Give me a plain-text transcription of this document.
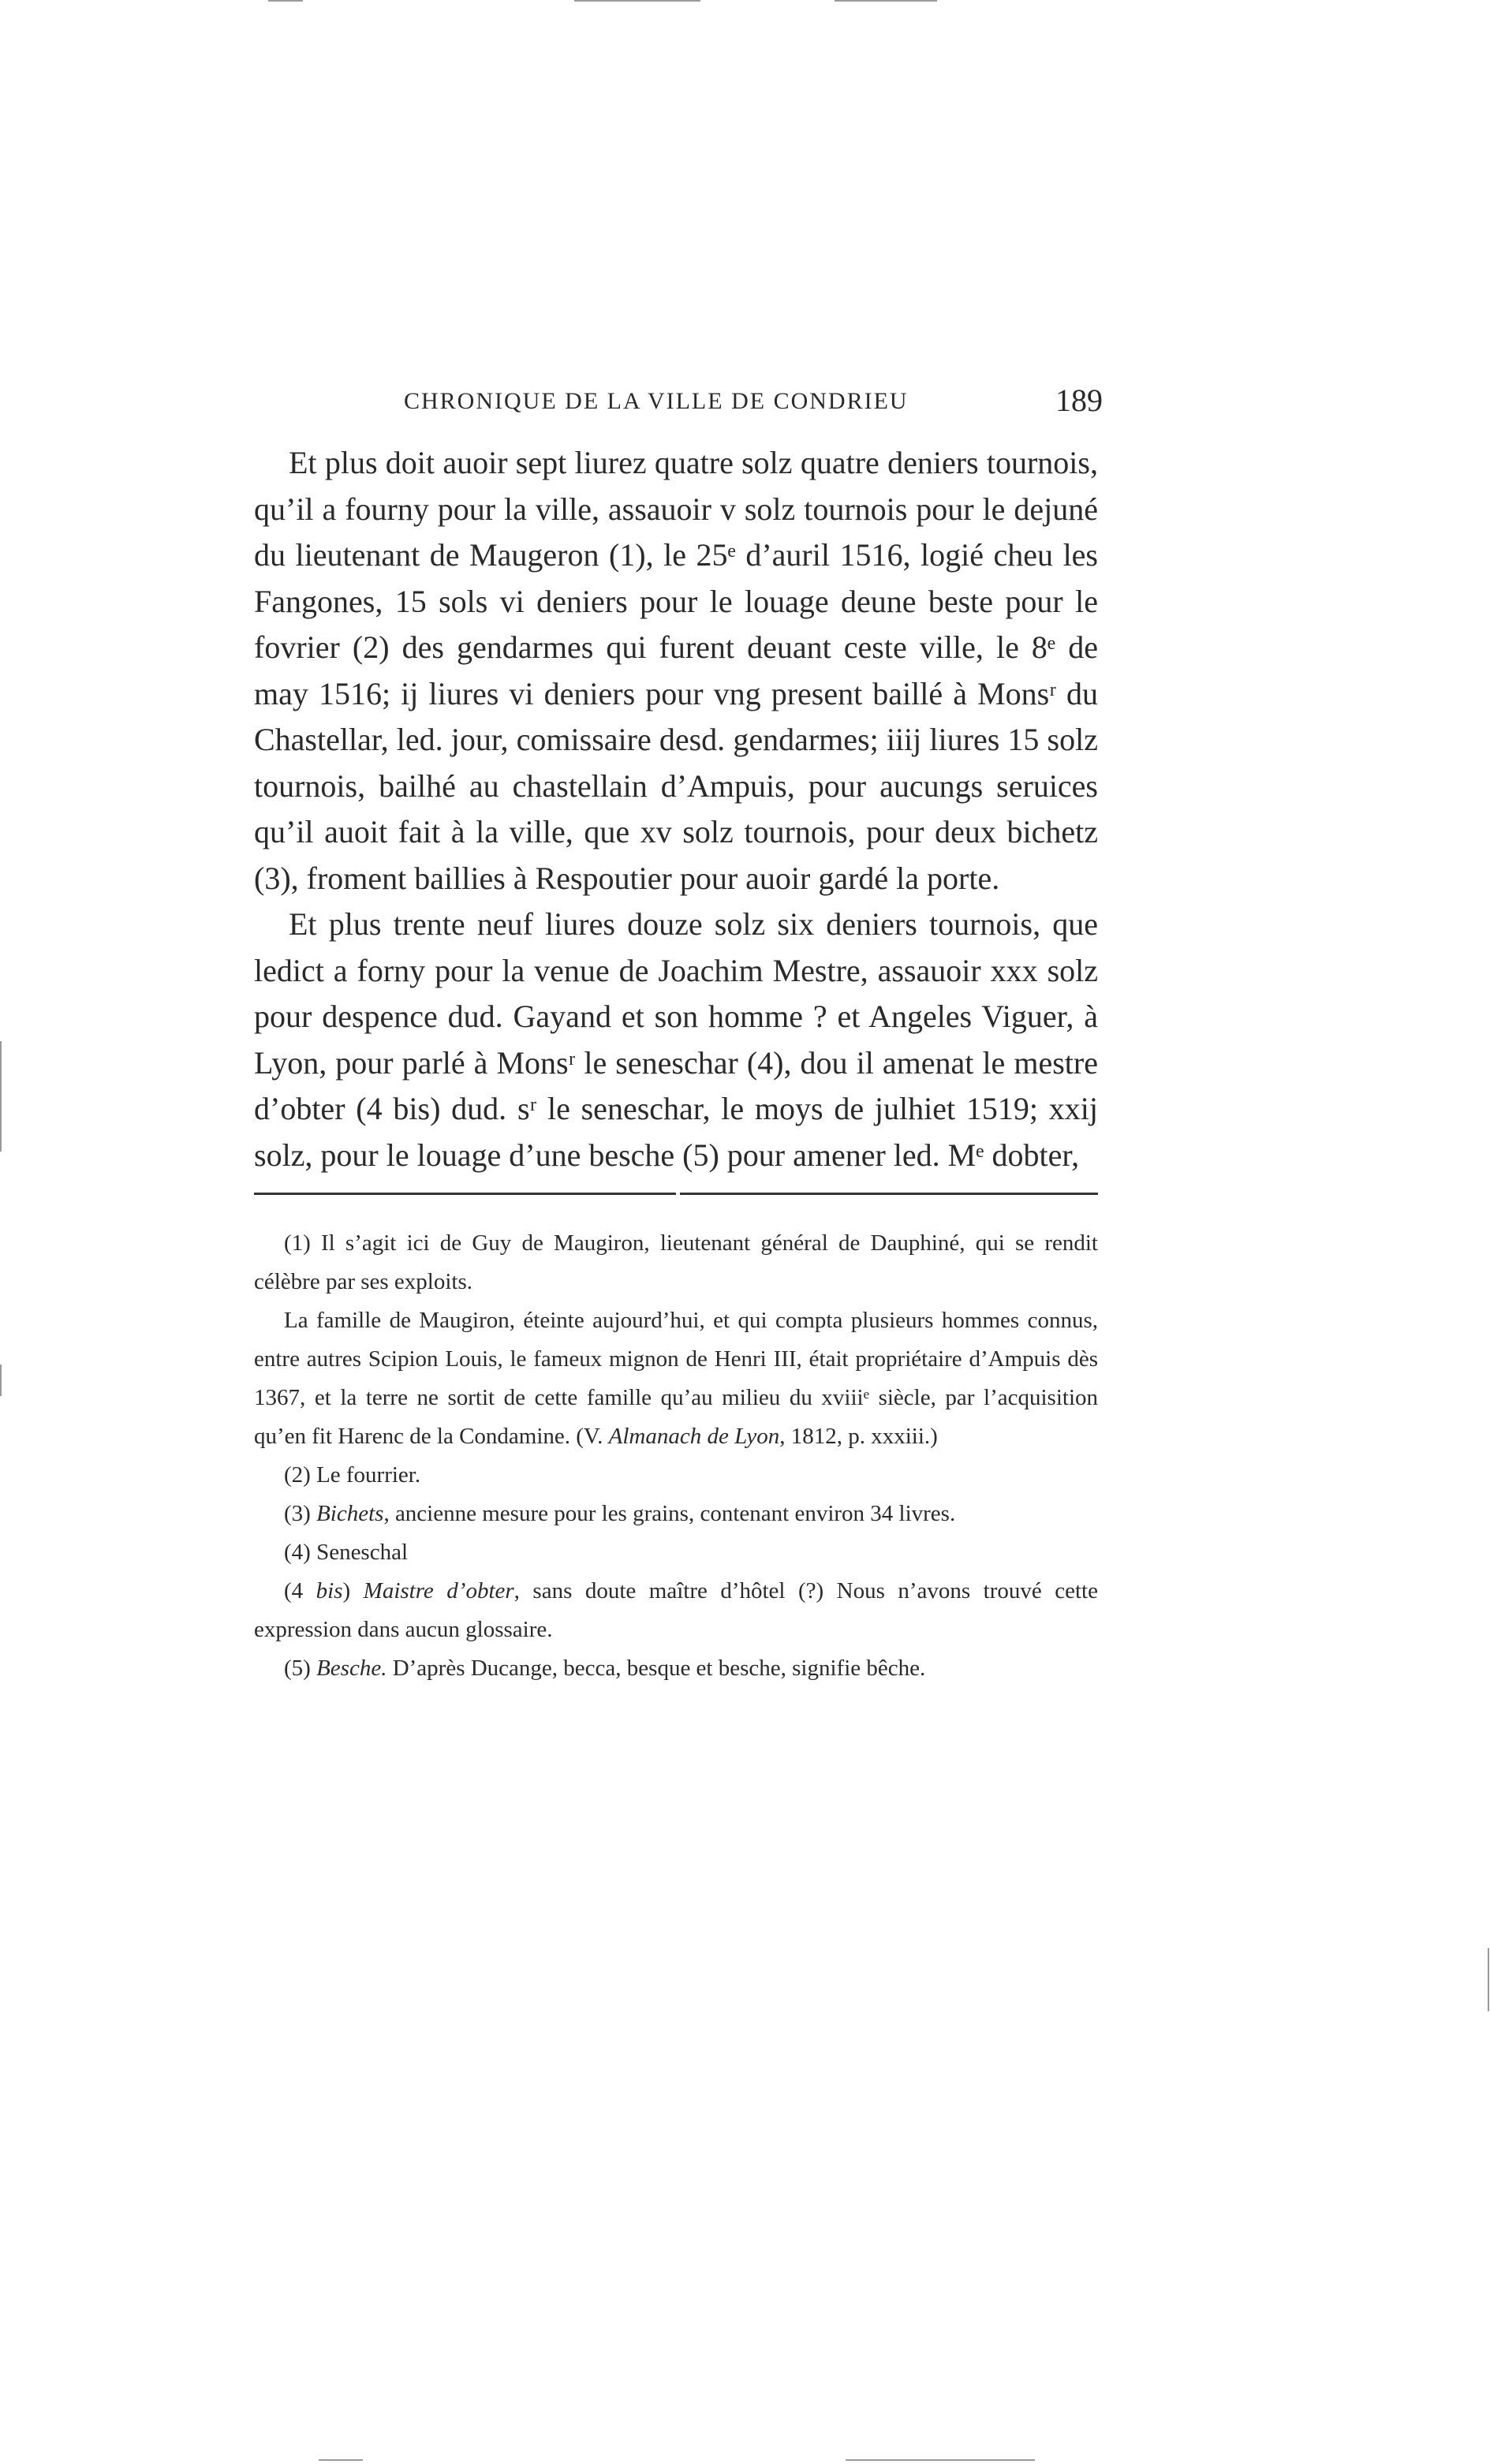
CHRONIQUE DE LA VILLE DE CONDRIEU	189

Et plus doit auoir sept liurez quatre solz quatre deniers tournois, qu’il a fourny pour la ville, assauoir v solz tournois pour le dejuné du lieutenant de Maugeron (1), le 25ᵉ d’auril 1516, logié cheu les Fangones, 15 sols vi deniers pour le louage deune beste pour le fovrier (2) des gendarmes qui furent deuant ceste ville, le 8ᵉ de may 1516; ij liures vi deniers pour vng present baillé à Monsʳ du Chastellar, led. jour, comissaire desd. gendarmes; iiij liures 15 solz tournois, bailhé au chastellain d’Ampuis, pour aucungs seruices qu’il auoit fait à la ville, que xv solz tournois, pour deux bichetz (3), froment baillies à Respoutier pour auoir gardé la porte.

Et plus trente neuf liures douze solz six deniers tournois, que ledict a forny pour la venue de Joachim Mestre, assauoir xxx solz pour despence dud. Gayand et son homme ? et Angeles Viguer, à Lyon, pour parlé à Monsʳ le seneschar (4), dou il amenat le mestre d’obter (4 bis) dud. sʳ le seneschar, le moys de julhiet 1519; xxij solz, pour le louage d’une besche (5) pour amener led. Mᵉ dobter,

(1) Il s’agit ici de Guy de Maugiron, lieutenant général de Dauphiné, qui se rendit célèbre par ses exploits.

La famille de Maugiron, éteinte aujourd’hui, et qui compta plusieurs hommes connus, entre autres Scipion Louis, le fameux mignon de Henri III, était propriétaire d’Ampuis dès 1367, et la terre ne sortit de cette famille qu’au milieu du xviiiᵉ siècle, par l’acquisition qu’en fit Harenc de la Condamine. (V. Almanach de Lyon, 1812, p. xxxiii.)

(2) Le fourrier.

(3) Bichets, ancienne mesure pour les grains, contenant environ 34 livres.

(4) Seneschal

(4 bis) Maistre d’obter, sans doute maître d’hôtel (?) Nous n’avons trouvé cette expression dans aucun glossaire.

(5) Besche. D’après Ducange, becca, besque et besche, signifie bêche.
